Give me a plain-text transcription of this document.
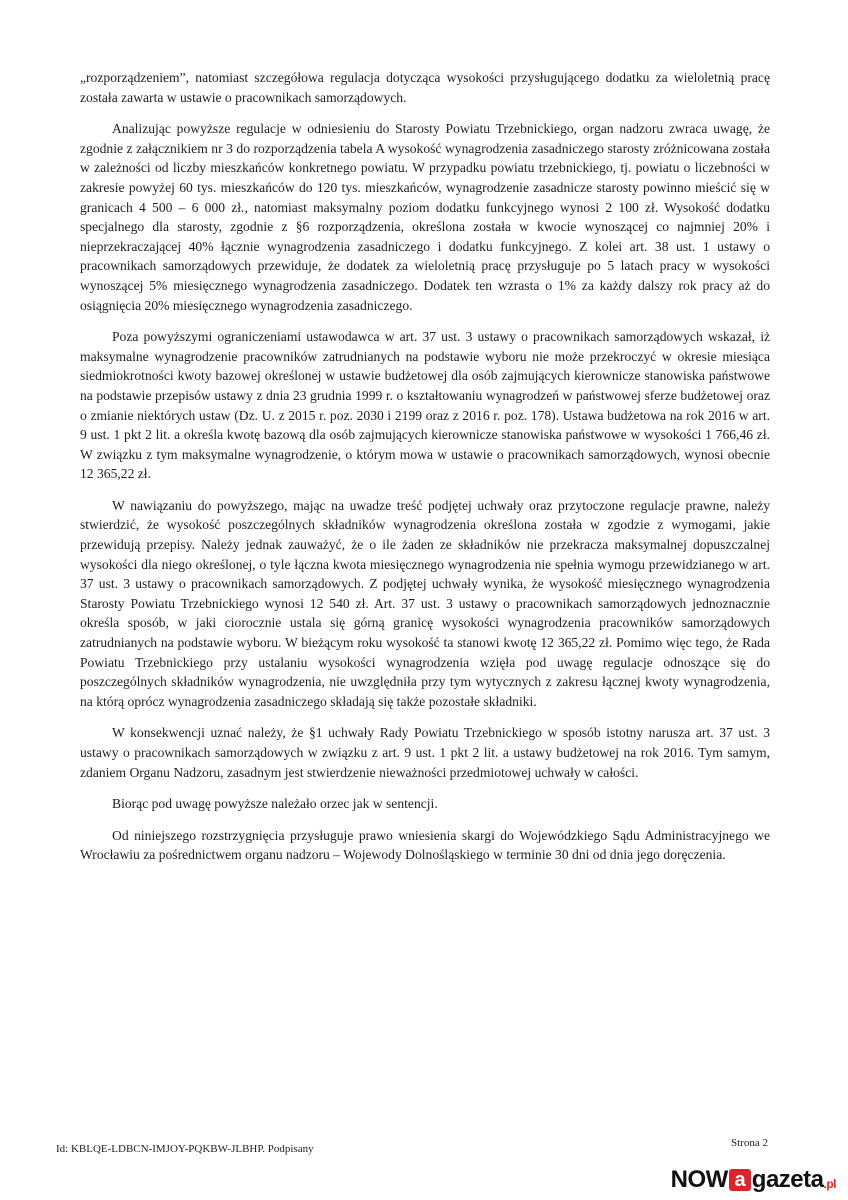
„rozporządzeniem”, natomiast szczegółowa regulacja dotycząca wysokości przysługującego dodatku za wieloletnią pracę została zawarta w ustawie o pracownikach samorządowych.

Analizując powyższe regulacje w odniesieniu do Starosty Powiatu Trzebnickiego, organ nadzoru zwraca uwagę, że zgodnie z załącznikiem nr 3 do rozporządzenia tabela A wysokość wynagrodzenia zasadniczego starosty zróżnicowana została w zależności od liczby mieszkańców konkretnego powiatu. W przypadku powiatu trzebnickiego, tj. powiatu o liczebności w zakresie powyżej 60 tys. mieszkańców do 120 tys. mieszkańców, wynagrodzenie zasadnicze starosty powinno mieścić się w granicach 4 500 – 6 000 zł., natomiast maksymalny poziom dodatku funkcyjnego wynosi 2 100 zł. Wysokość dodatku specjalnego dla starosty, zgodnie z §6 rozporządzenia, określona została w kwocie wynoszącej co najmniej 20% i nieprzekraczającej 40% łącznie wynagrodzenia zasadniczego i dodatku funkcyjnego. Z kolei art. 38 ust. 1 ustawy o pracownikach samorządowych przewiduje, że dodatek za wieloletnią pracę przysługuje po 5 latach pracy w wysokości wynoszącej 5% miesięcznego wynagrodzenia zasadniczego. Dodatek ten wzrasta o 1% za każdy dalszy rok pracy aż do osiągnięcia 20% miesięcznego wynagrodzenia zasadniczego.

Poza powyższymi ograniczeniami ustawodawca w art. 37 ust. 3 ustawy o pracownikach samorządowych wskazał, iż maksymalne wynagrodzenie pracowników zatrudnianych na podstawie wyboru nie może przekroczyć w okresie miesiąca siedmiokrotności kwoty bazowej określonej w ustawie budżetowej dla osób zajmujących kierownicze stanowiska państwowe na podstawie przepisów ustawy z dnia 23 grudnia 1999 r. o kształtowaniu wynagrodzeń w państwowej sferze budżetowej oraz o zmianie niektórych ustaw (Dz. U. z 2015 r. poz. 2030 i 2199 oraz z 2016 r. poz. 178). Ustawa budżetowa na rok 2016 w art. 9 ust. 1 pkt 2 lit. a określa kwotę bazową dla osób zajmujących kierownicze stanowiska państwowe w wysokości 1 766,46 zł. W związku z tym maksymalne wynagrodzenie, o którym mowa w ustawie o pracownikach samorządowych, wynosi obecnie 12 365,22 zł.

W nawiązaniu do powyższego, mając na uwadze treść podjętej uchwały oraz przytoczone regulacje prawne, należy stwierdzić, że wysokość poszczególnych składników wynagrodzenia określona została w zgodzie z wymogami, jakie przewidują przepisy. Należy jednak zauważyć, że o ile żaden ze składników nie przekracza maksymalnej dopuszczalnej wysokości dla niego określonej, o tyle łączna kwota miesięcznego wynagrodzenia nie spełnia wymogu przewidzianego w art. 37 ust. 3 ustawy o pracownikach samorządowych. Z podjętej uchwały wynika, że wysokość miesięcznego wynagrodzenia Starosty Powiatu Trzebnickiego wynosi 12 540 zł. Art. 37 ust. 3 ustawy o pracownikach samorządowych jednoznacznie określa sposób, w jaki ciorocznie ustala się górną granicę wysokości wynagrodzenia pracowników samorządowych zatrudnianych na podstawie wyboru. W bieżącym roku wysokość ta stanowi kwotę 12 365,22 zł. Pomimo więc tego, że Rada Powiatu Trzebnickiego przy ustalaniu wysokości wynagrodzenia wzięła pod uwagę regulacje odnoszące się do poszczególnych składników wynagrodzenia, nie uwzględniła przy tym wytycznych z zakresu łącznej kwoty wynagrodzenia, na którą oprócz wynagrodzenia zasadniczego składają się także pozostałe składniki.

W konsekwencji uznać należy, że §1 uchwały Rady Powiatu Trzebnickiego w sposób istotny narusza art. 37 ust. 3 ustawy o pracownikach samorządowych w związku z art. 9 ust. 1 pkt 2 lit. a ustawy budżetowej na rok 2016. Tym samym, zdaniem Organu Nadzoru, zasadnym jest stwierdzenie nieważności przedmiotowej uchwały w całości.

Biorąc pod uwagę powyższe należało orzec jak w sentencji.

Od niniejszego rozstrzygnięcia przysługuje prawo wniesienia skargi do Wojewódzkiego Sądu Administracyjnego we Wrocławiu za pośrednictwem organu nadzoru – Wojewody Dolnośląskiego w terminie 30 dni od dnia jego doręczenia.

Strona 2
Id: KBLQE-LDBCN-IMJOY-PQKBW-JLBHP. Podpisany
NOW a gazeta .pl
